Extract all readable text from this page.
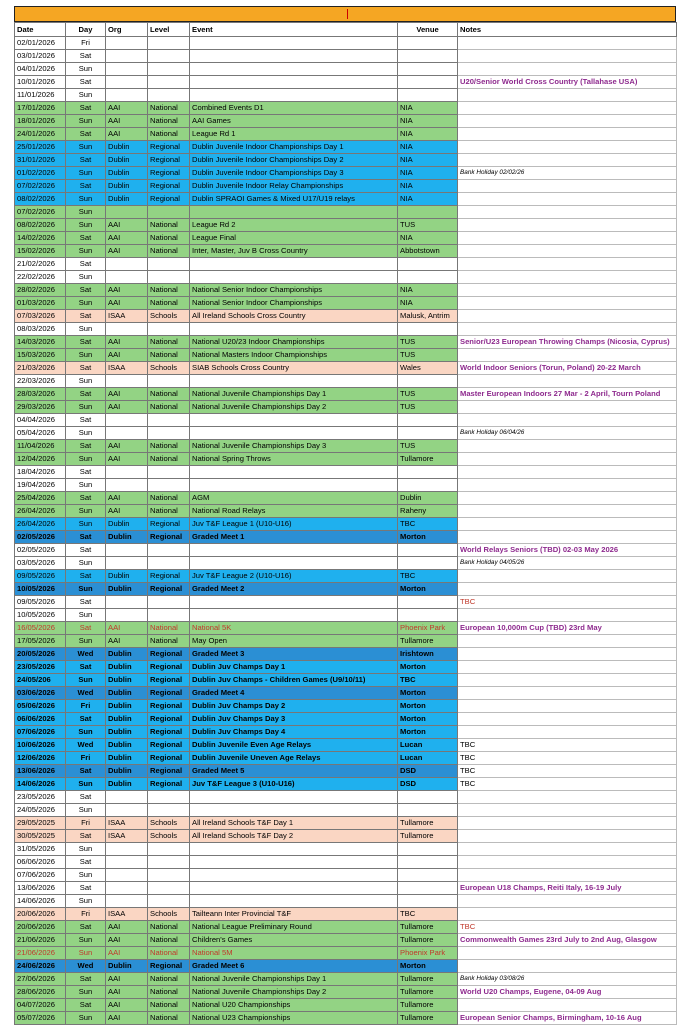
Date	Day	Org	Level	Event	Venue	Notes
02/01/2026	Fri					
03/01/2026	Sat					
04/01/2026	Sun					
10/01/2026	Sat					U20/Senior World Cross Country (Tallahase USA)
11/01/2026	Sun					
17/01/2026	Sat	AAI	National	Combined Events D1	NIA	
18/01/2026	Sun	AAI	National	AAI Games	NIA	
24/01/2026	Sat	AAI	National	League Rd 1	NIA	
25/01/2026	Sun	Dublin	Regional	Dublin Juvenile Indoor Championships Day 1	NIA	
31/01/2026	Sat	Dublin	Regional	Dublin Juvenile Indoor Championships Day 2	NIA	
01/02/2026	Sun	Dublin	Regional	Dublin Juvenile Indoor Championships Day 3	NIA	Bank Holiday 02/02/26
07/02/2026	Sat	Dublin	Regional	Dublin Juvenile Indoor Relay Championships	NIA	
08/02/2026	Sun	Dublin	Regional	Dublin SPRAOI Games & Mixed U17/U19 relays	NIA	
07/02/2026	Sun					
08/02/2026	Sun	AAI	National	League Rd 2	TUS	
14/02/2026	Sat	AAI	National	League Final	NIA	
15/02/2026	Sun	AAI	National	Inter, Master, Juv B Cross Country	Abbotstown	
21/02/2026	Sat					
22/02/2026	Sun					
28/02/2026	Sat	AAI	National	National Senior Indoor Championships	NIA	
01/03/2026	Sun	AAI	National	National Senior Indoor Championships	NIA	
07/03/2026	Sat	ISAA	Schools	All Ireland Schools Cross Country	Malusk, Antrim	
08/03/2026	Sun					
14/03/2026	Sat	AAI	National	National U20/23 Indoor Championships	TUS	Senior/U23 European Throwing Champs (Nicosia, Cyprus)
15/03/2026	Sun	AAI	National	National Masters Indoor Championships	TUS	
21/03/2026	Sat	ISAA	Schools	SIAB Schools Cross Country	Wales	World Indoor Seniors (Torun, Poland) 20-22 March
22/03/2026	Sun					
28/03/2026	Sat	AAI	National	National Juvenile Championships Day 1	TUS	Master European Indoors 27 Mar - 2 April, Tourn Poland
29/03/2026	Sun	AAI	National	National Juvenile Championships Day 2	TUS	
04/04/2026	Sat					
05/04/2026	Sun					Bank Holiday 06/04/26
11/04/2026	Sat	AAI	National	National Juvenile Championships Day 3	TUS	
12/04/2026	Sun	AAI	National	National Spring Throws	Tullamore	
18/04/2026	Sat					
19/04/2026	Sun					
25/04/2026	Sat	AAI	National	AGM	Dublin	
26/04/2026	Sun	AAI	National	National Road Relays	Raheny	
26/04/2026	Sun	Dublin	Regional	Juv T&F League 1 (U10-U16)	TBC	
02/05/2026	Sat	Dublin	Regional	Graded Meet 1	Morton	
02/05/2026	Sat					World Relays Seniors (TBD) 02-03 May 2026
03/05/2026	Sun					Bank Holiday 04/05/26
09/05/2026	Sat	Dublin	Regional	Juv T&F League 2 (U10-U16)	TBC	
10/05/2026	Sun	Dublin	Regional	Graded Meet 2	Morton	
09/05/2026	Sat					TBC
10/05/2026	Sun					
16/05/2026	Sat	AAI	National	National 5K	Phoenix Park	European 10,000m Cup (TBD) 23rd May
17/05/2026	Sun	AAI	National	May Open	Tullamore	
20/05/2026	Wed	Dublin	Regional	Graded Meet 3	Irishtown	
23/05/2026	Sat	Dublin	Regional	Dublin Juv Champs Day 1	Morton	
24/05/206	Sun	Dublin	Regional	Dublin Juv Champs - Children Games (U9/10/11)	TBC	
03/06/2026	Wed	Dublin	Regional	Graded Meet 4	Morton	
05/06/2026	Fri	Dublin	Regional	Dublin Juv Champs Day 2	Morton	
06/06/2026	Sat	Dublin	Regional	Dublin Juv Champs Day 3	Morton	
07/06/2026	Sun	Dublin	Regional	Dublin Juv Champs Day 4	Morton	
10/06/2026	Wed	Dublin	Regional	Dublin Juvenile Even Age Relays	Lucan	TBC
12/06/2026	Fri	Dublin	Regional	Dublin Juvenile Uneven Age Relays	Lucan	TBC
13/06/2026	Sat	Dublin	Regional	Graded Meet 5	DSD	TBC
14/06/2026	Sun	Dublin	Regional	Juv T&F League 3 (U10-U16)	DSD	TBC
23/05/2026	Sat					
24/05/2026	Sun					
29/05/2025	Fri	ISAA	Schools	All Ireland Schools T&F Day 1	Tullamore	
30/05/2025	Sat	ISAA	Schools	All Ireland Schools T&F Day 2	Tullamore	
31/05/2026	Sun					
06/06/2026	Sat					
07/06/2026	Sun					
13/06/2026	Sat					European U18 Champs, Reiti Italy, 16-19 July
14/06/2026	Sun					
20/06/2026	Fri	ISAA	Schools	Tailteann Inter Provincial T&F	TBC	
20/06/2026	Sat	AAI	National	National League Preliminary Round	Tullamore	TBC
21/06/2026	Sun	AAI	National	Children's Games	Tullamore	Commonwealth Games 23rd July to 2nd Aug, Glasgow
21/06/2026	Sun	AAI	National	National 5M	Phoenix Park	
24/06/2026	Wed	Dublin	Regional	Graded Meet 6	Morton	
27/06/2026	Sat	AAI	National	National Juvenile Championships Day 1	Tullamore	Bank Holiday 03/08/26
28/06/2026	Sun	AAI	National	National Juvenile Championships Day 2	Tullamore	World U20 Champs, Eugene, 04-09 Aug
04/07/2026	Sat	AAI	National	National U20 Championships	Tullamore	
05/07/2026	Sun	AAI	National	National U23 Championships	Tullamore	European Senior Champs, Birmingham, 10-16 Aug
